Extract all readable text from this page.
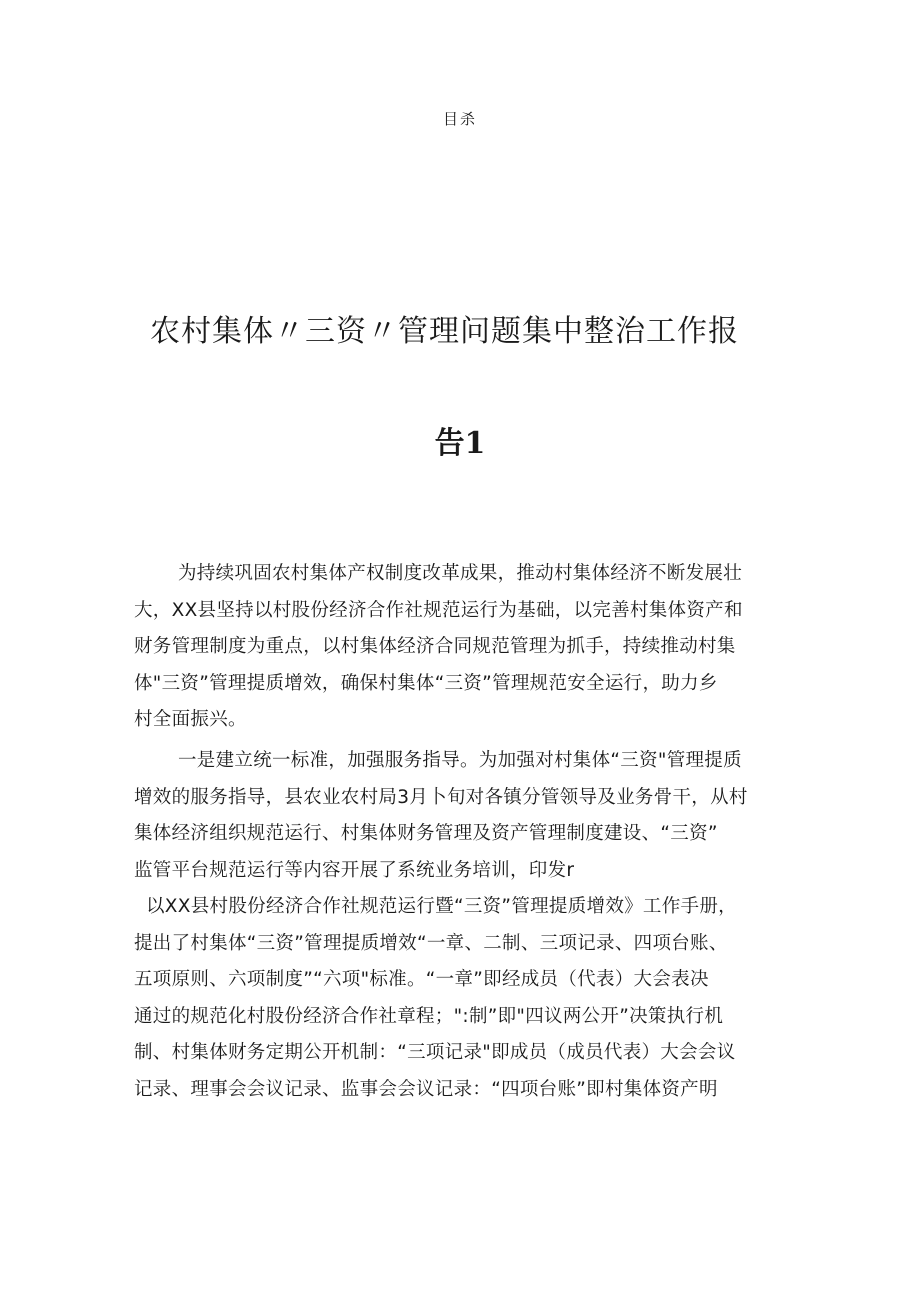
目杀
农村集体〃三资〃管理问题集中整治工作报
告1
为持续巩固农村集体产权制度改革成果，推动村集体经济不断发展壮
大，XX县坚持以村股份经济合作社规范运行为基础，以完善村集体资产和
财务管理制度为重点，以村集体经济合同规范管理为抓手，持续推动村集
体"三资”管理提质增效，确保村集体“三资”管理规范安全运行，助力乡
村全面振兴。
一是建立统一标准，加强服务指导。为加强对村集体“三资"管理提质
增效的服务指导，县农业农村局3月卜旬对各镇分管领导及业务骨干，从村
集体经济组织规范运行、村集体财务管理及资产管理制度建设、“三资”
监管平台规范运行等内容开展了系统业务培训，印发r
以XX县村股份经济合作社规范运行暨“三资”管理提质增效》工作手册，
提出了村集体“三资”管理提质增效“一章、二制、三项记录、四项台账、
五项原则、六项制度”“六项"标准。“一章”即经成员（代表）大会表决
通过的规范化村股份经济合作社章程；":制”即"四议两公开”决策执行机
制、村集体财务定期公开机制：“三项记录"即成员（成员代表）大会会议
记录、理事会会议记录、监事会会议记录：“四项台账”即村集体资产明
